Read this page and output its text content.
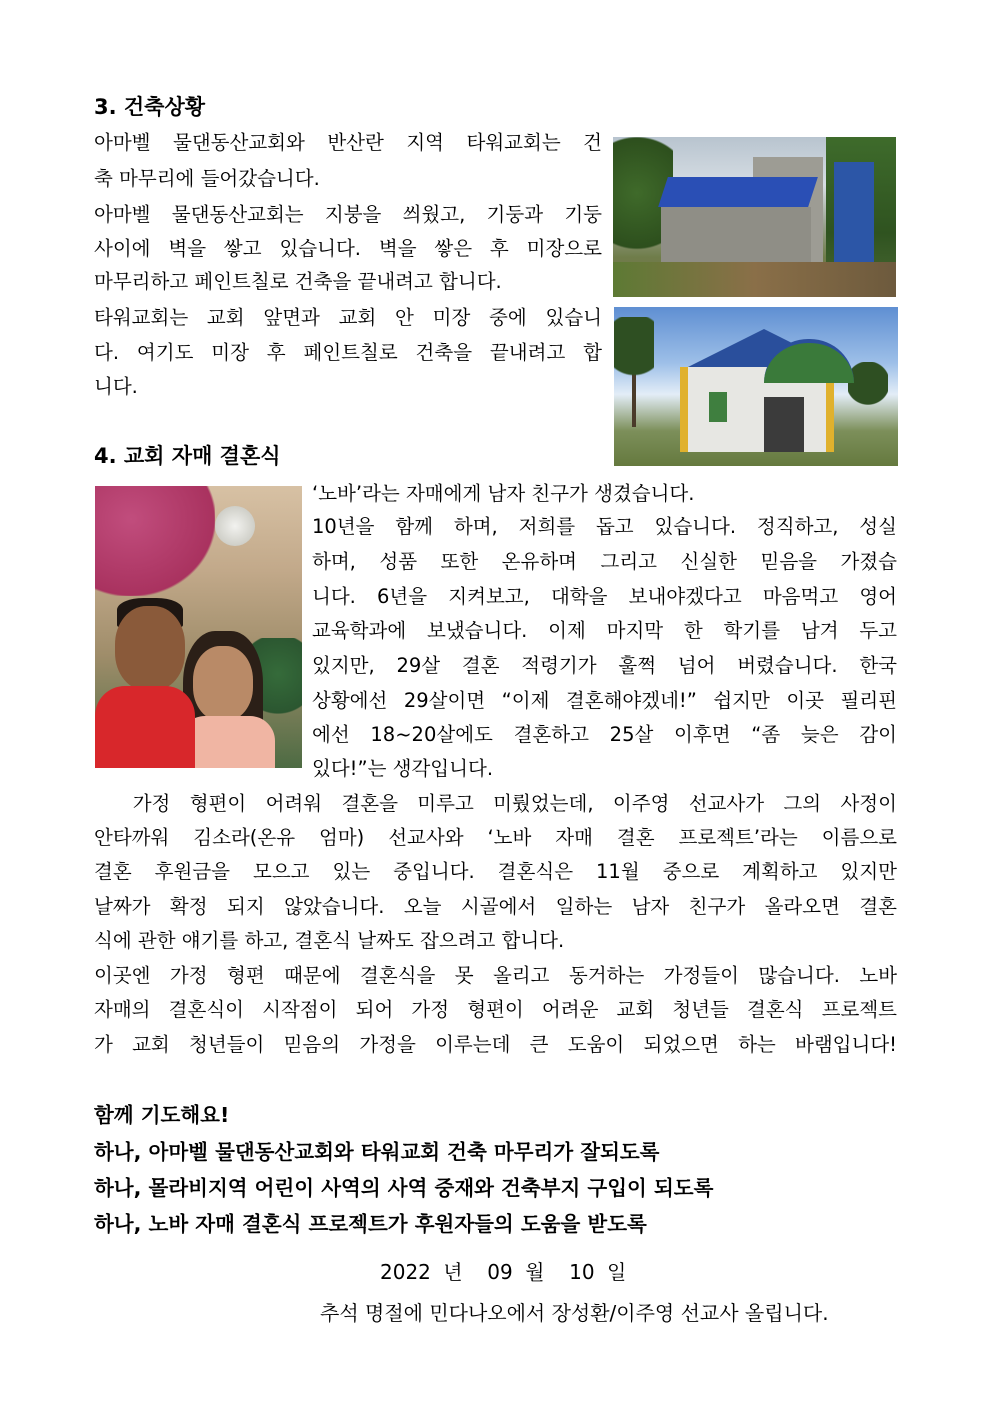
3. 건축상황

아마벨 물댄동산교회와 반산란 지역 타워교회는 건

축 마무리에 들어갔습니다.

아마벨 물댄동산교회는 지붕을 씌웠고, 기둥과 기둥

사이에 벽을 쌓고 있습니다. 벽을 쌓은 후 미장으로

마무리하고 페인트칠로 건축을 끝내려고 합니다.

타워교회는 교회 앞면과 교회 안 미장 중에 있습니

다. 여기도 미장 후 페인트칠로 건축을 끝내려고 합

니다.

4. 교회 자매 결혼식

‘노바’라는 자매에게 남자 친구가 생겼습니다.

10년을 함께 하며, 저희를 돕고 있습니다. 정직하고, 성실

하며, 성품 또한 온유하며 그리고 신실한 믿음을 가졌습

니다. 6년을 지켜보고, 대학을 보내야겠다고 마음먹고 영어

교육학과에 보냈습니다. 이제 마지막 한 학기를 남겨 두고

있지만, 29살 결혼 적령기가 훌쩍 넘어 버렸습니다. 한국

상황에선 29살이면 “이제 결혼해야겠네!” 쉽지만 이곳 필리핀

에선 18~20살에도 결혼하고 25살 이후면 “좀 늦은 감이

있다!”는 생각입니다.

가정 형편이 어려워 결혼을 미루고 미뤘었는데, 이주영 선교사가 그의 사정이

안타까워 김소라(온유 엄마) 선교사와 ‘노바 자매 결혼 프로젝트’라는 이름으로

결혼 후원금을 모으고 있는 중입니다. 결혼식은 11월 중으로 계획하고 있지만

날짜가 확정 되지 않았습니다. 오늘 시골에서 일하는 남자 친구가 올라오면 결혼

식에 관한 얘기를 하고, 결혼식 날짜도 잡으려고 합니다.

이곳엔 가정 형편 때문에 결혼식을 못 올리고 동거하는 가정들이 많습니다. 노바

자매의 결혼식이 시작점이 되어 가정 형편이 어려운 교회 청년들 결혼식 프로젝트

가 교회 청년들이 믿음의 가정을 이루는데 큰 도움이 되었으면 하는 바램입니다!

함께 기도해요!

하나, 아마벨 물댄동산교회와 타워교회 건축 마무리가 잘되도록

하나, 몰라비지역 어린이 사역의 사역 중재와 건축부지 구입이 되도록

하나, 노바 자매 결혼식 프로젝트가 후원자들의 도움을 받도록

2022 년  09 월  10 일

추석 명절에 민다나오에서 장성환/이주영 선교사 올립니다.
